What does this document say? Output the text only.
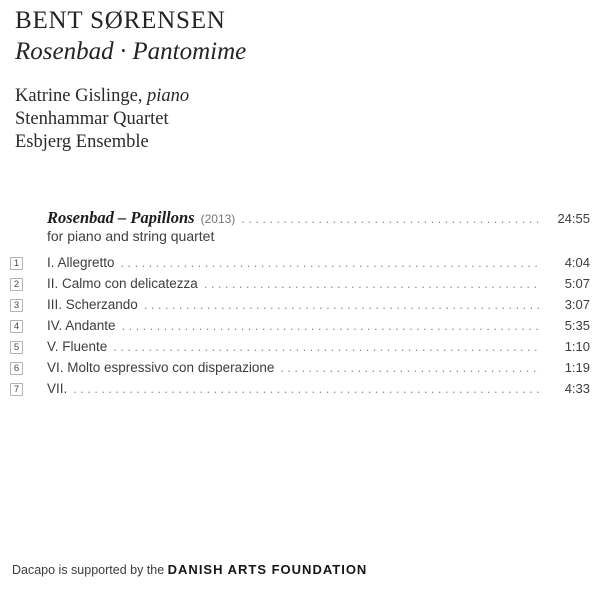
BENT SØRENSEN
Rosenbad · Pantomime
Katrine Gislinge, piano
Stenhammar Quartet
Esbjerg Ensemble
Rosenbad – Papillons (2013) .....	24:55
for piano and string quartet
1 I. Allegretto .....	4:04
2 II. Calmo con delicatezza .....	5:07
3 III. Scherzando .....	3:07
4 IV. Andante .....	5:35
5 V. Fluente .....	1:10
6 VI. Molto espressivo con disperazione .....	1:19
7 VII. .....	4:33
Dacapo is supported by the DANISH ARTS FOUNDATION
